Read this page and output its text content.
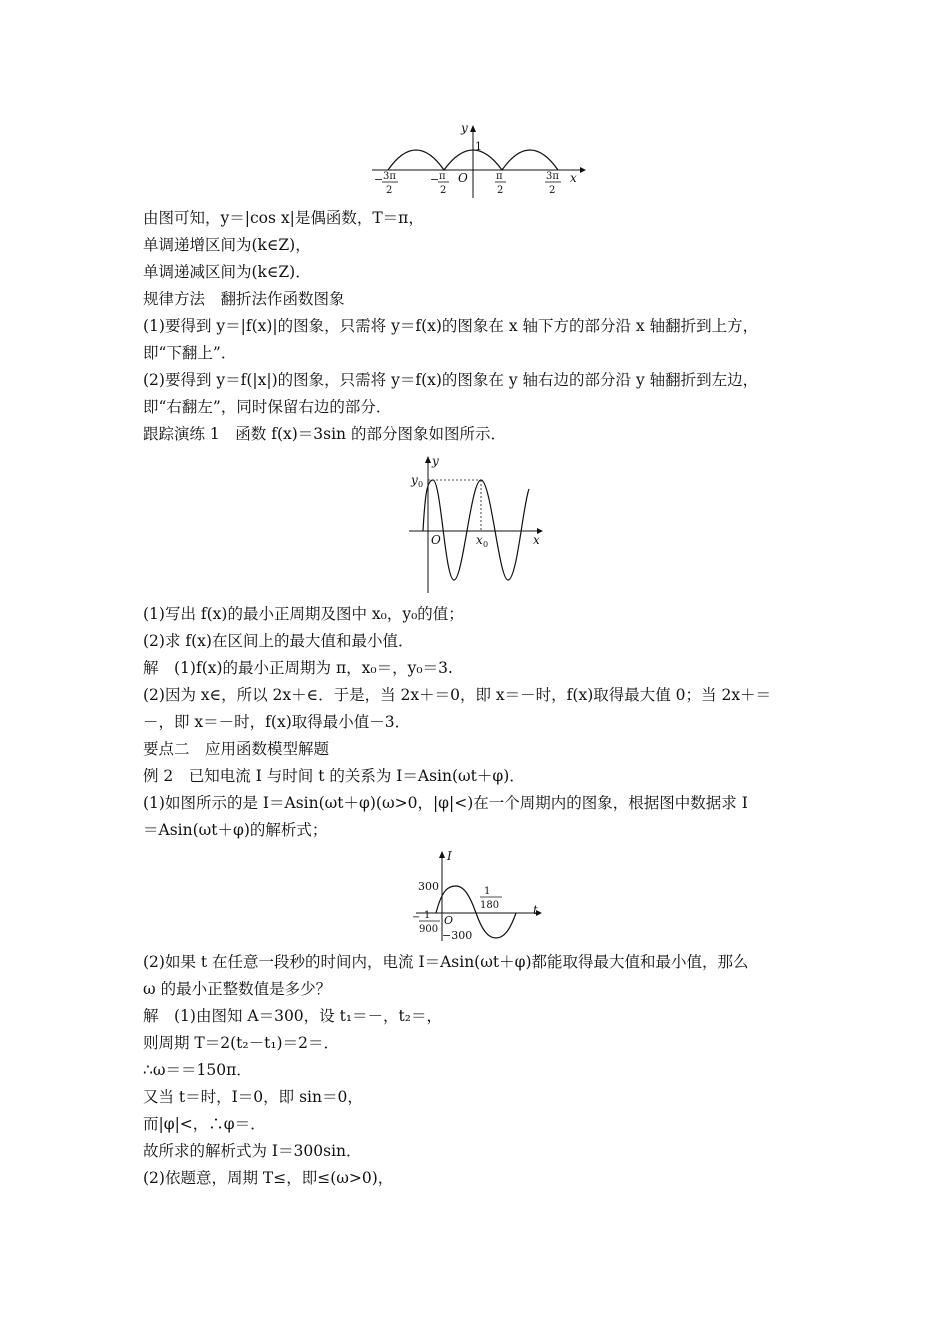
y
1
O	x
− 3π
2
− π
2
π
2
3π
2
y
y 0
O	x 0	x
I
300	1
180
− 1
900
O
−300
t
由图可知，y＝|cos x|是偶函数，T＝π，
单调递增区间为(k∈Z)，
单调递减区间为(k∈Z)．
规律方法　翻折法作函数图象
(1)要得到 y＝|f(x)|的图象，只需将 y＝f(x)的图象在 x 轴下方的部分沿 x 轴翻折到上方，
即“下翻上”．
(2)要得到 y＝f(|x|)的图象，只需将 y＝f(x)的图象在 y 轴右边的部分沿 y 轴翻折到左边，
即“右翻左”，同时保留右边的部分．
跟踪演练 1　函数 f(x)＝3sin 的部分图象如图所示．
(1)写出 f(x)的最小正周期及图中 x₀，y₀的值；
(2)求 f(x)在区间上的最大值和最小值．
解　(1)f(x)的最小正周期为 π，x₀＝，y₀＝3.
(2)因为 x∈，所以 2x＋∈．于是，当 2x＋＝0，即 x＝－时，f(x)取得最大值 0；当 2x＋＝
－，即 x＝－时，f(x)取得最小值－3．
要点二　应用函数模型解题
例 2　已知电流 I 与时间 t 的关系为 I＝Asin(ωt＋φ)．
(1)如图所示的是 I＝Asin(ωt＋φ)(ω>0，|φ|<)在一个周期内的图象，根据图中数据求 I
＝Asin(ωt＋φ)的解析式；
(2)如果 t 在任意一段秒的时间内，电流 I＝Asin(ωt＋φ)都能取得最大值和最小值，那么
ω 的最小正整数值是多少？
解　(1)由图知 A＝300，设 t₁＝－，t₂＝，
则周期 T＝2(t₂－t₁)＝2＝．
∴ω＝＝150π．
又当 t＝时，I＝0，即 sin＝0，
而|φ|<，∴φ＝．
故所求的解析式为 I＝300sin．
(2)依题意，周期 T≤，即≤(ω>0)，
